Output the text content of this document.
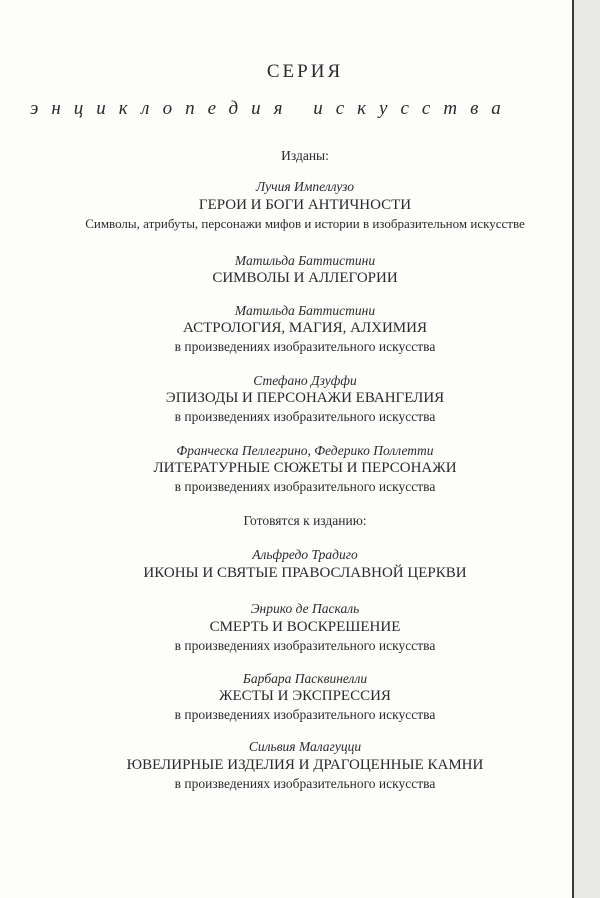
СЕРИЯ
энциклопедия искусства
Изданы:
Лучия Импеллузо
ГЕРОИ И БОГИ АНТИЧНОСТИ
Символы, атрибуты, персонажи мифов и истории в изобразительном искусстве
Матильда Баттистини
СИМВОЛЫ И АЛЛЕГОРИИ
Матильда Баттистини
АСТРОЛОГИЯ, МАГИЯ, АЛХИМИЯ
в произведениях изобразительного искусства
Стефано Дзуффи
ЭПИЗОДЫ И ПЕРСОНАЖИ ЕВАНГЕЛИЯ
в произведениях изобразительного искусства
Франческа Пеллегрино, Федерико Поллетти
ЛИТЕРАТУРНЫЕ СЮЖЕТЫ И ПЕРСОНАЖИ
в произведениях изобразительного искусства
Готовятся к изданию:
Альфредо Традиго
ИКОНЫ И СВЯТЫЕ ПРАВОСЛАВНОЙ ЦЕРКВИ
Энрико де Паскаль
СМЕРТЬ И ВОСКРЕШЕНИЕ
в произведениях изобразительного искусства
Барбара Пасквинелли
ЖЕСТЫ И ЭКСПРЕССИЯ
в произведениях изобразительного искусства
Сильвия Малагуцци
ЮВЕЛИРНЫЕ ИЗДЕЛИЯ И ДРАГОЦЕННЫЕ КАМНИ
в произведениях изобразительного искусства
